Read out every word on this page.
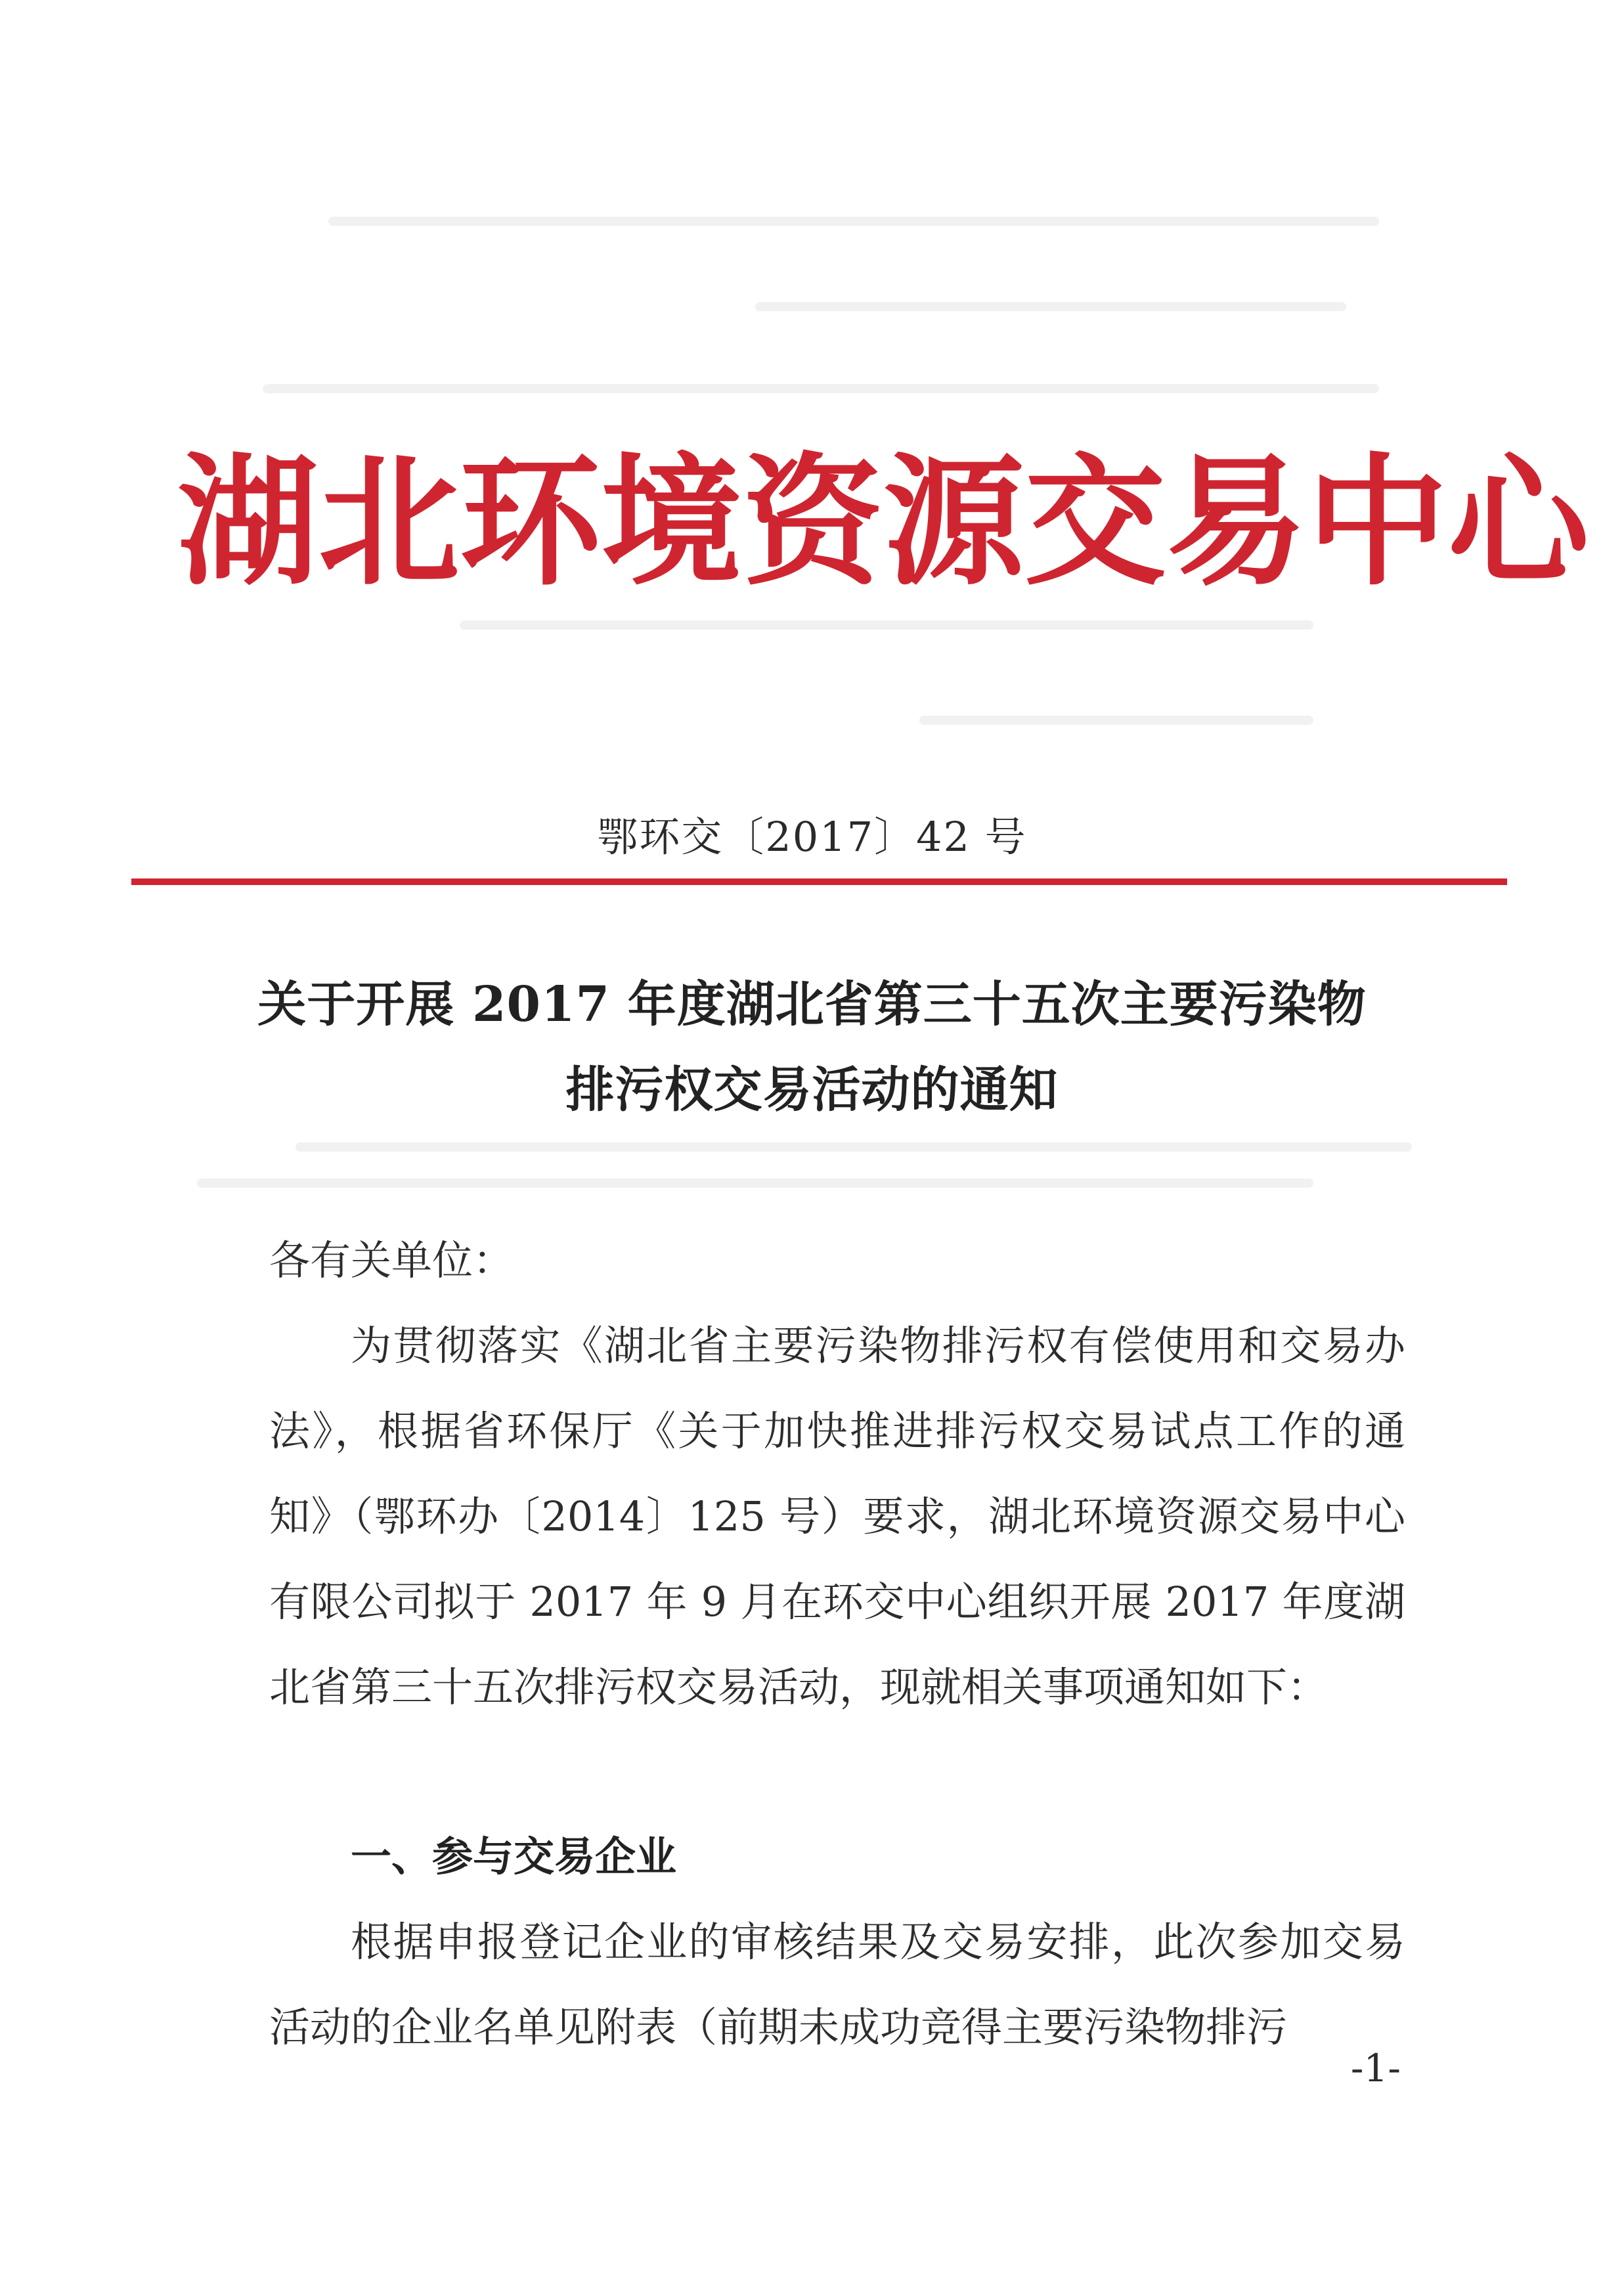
湖 北 环 境 资 源 交 易 中 心
鄂环交〔2017〕42 号
关于开展 2017 年度湖北省第三十五次主要污染物
排污权交易活动的通知
各有关单位：
为贯彻落实《湖北省主要污染物排污权有偿使用和交易办法》，根据省环保厅《关于加快推进排污权交易试点工作的通知》（鄂环办〔2014〕125 号）要求，湖北环境资源交易中心有限公司拟于 2017 年 9 月在环交中心组织开展 2017 年度湖北省第三十五次排污权交易活动，现就相关事项通知如下：
一、参与交易企业
根据申报登记企业的审核结果及交易安排，此次参加交易活动的企业名单见附表（前期未成功竞得主要污染物排污
-1-
